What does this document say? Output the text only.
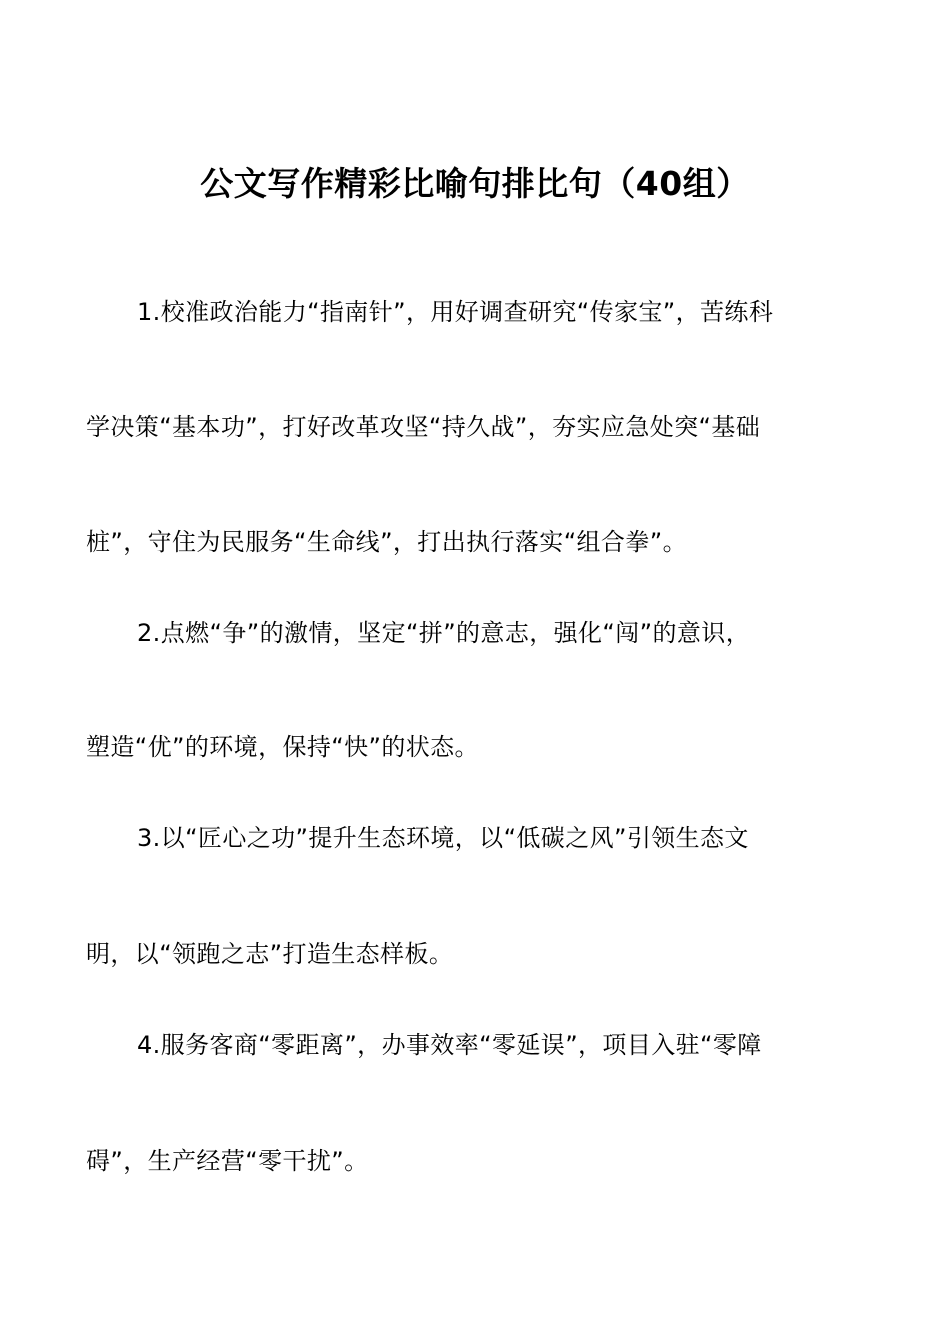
公文写作精彩比喻句排比句（40组）
1.校准政治能力“指南针”，用好调查研究“传家宝”，苦练科
学决策“基本功”，打好改革攻坚“持久战”，夯实应急处突“基础
桩”，守住为民服务“生命线”，打出执行落实“组合拳”。
2.点燃“争”的激情，坚定“拼”的意志，强化“闯”的意识，
塑造“优”的环境，保持“快”的状态。
3.以“匠心之功”提升生态环境，以“低碳之风”引领生态文
明，以“领跑之志”打造生态样板。
4.服务客商“零距离”，办事效率“零延误”，项目入驻“零障
碍”，生产经营“零干扰”。
